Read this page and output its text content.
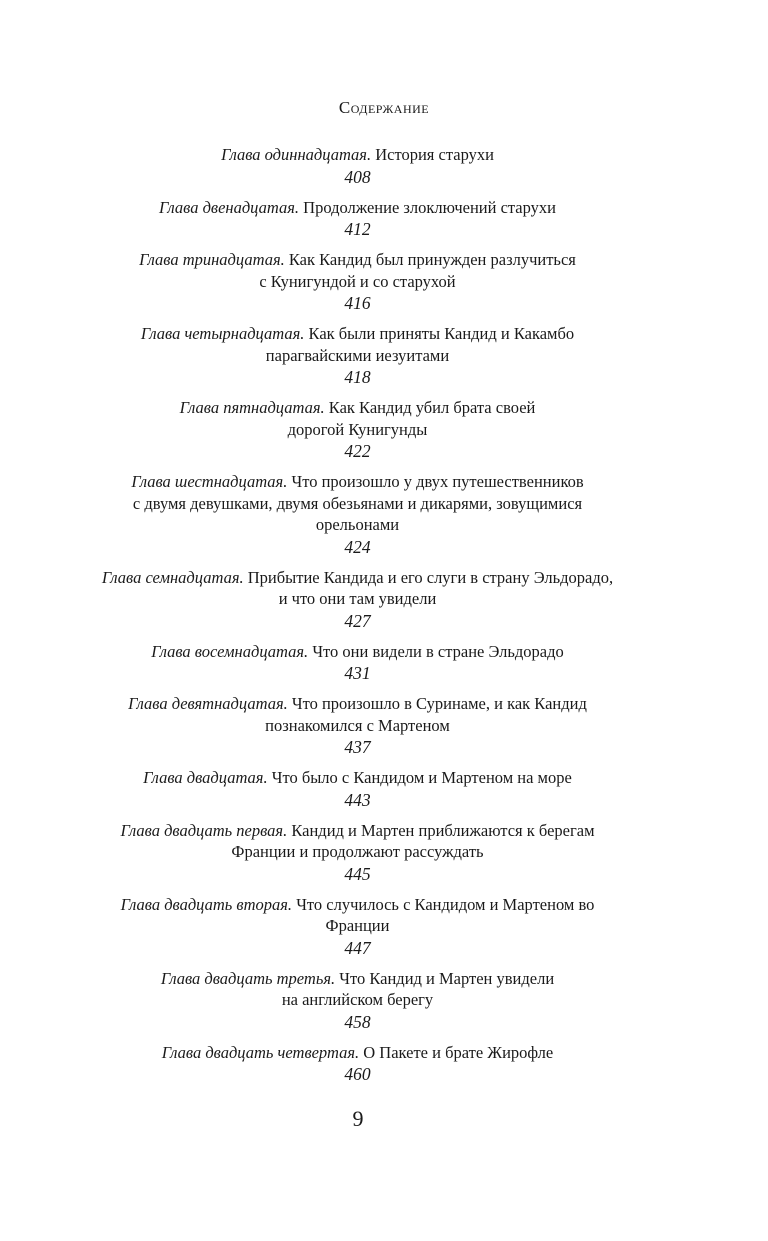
Содержание
Глава одиннадцатая. История старухи
408
Глава двенадцатая. Продолжение злоключений старухи
412
Глава тринадцатая. Как Кандид был принужден разлучиться
с Кунигундой и со старухой
416
Глава четырнадцатая. Как были приняты Кандид и Какамбо
парагвайскими иезуитами
418
Глава пятнадцатая. Как Кандид убил брата своей
дорогой Кунигунды
422
Глава шестнадцатая. Что произошло у двух путешественников
с двумя девушками, двумя обезьянами и дикарями, зовущимися
орельонами
424
Глава семнадцатая. Прибытие Кандида и его слуги в страну Эльдорадо,
и что они там увидели
427
Глава восемнадцатая. Что они видели в стране Эльдорадо
431
Глава девятнадцатая. Что произошло в Суринаме, и как Кандид
познакомился с Мартеном
437
Глава двадцатая. Что было с Кандидом и Мартеном на море
443
Глава двадцать первая. Кандид и Мартен приближаются к берегам
Франции и продолжают рассуждать
445
Глава двадцать вторая. Что случилось с Кандидом и Мартеном во
Франции
447
Глава двадцать третья. Что Кандид и Мартен увидели
на английском берегу
458
Глава двадцать четвертая. О Пакете и брате Жирофле
460
9
